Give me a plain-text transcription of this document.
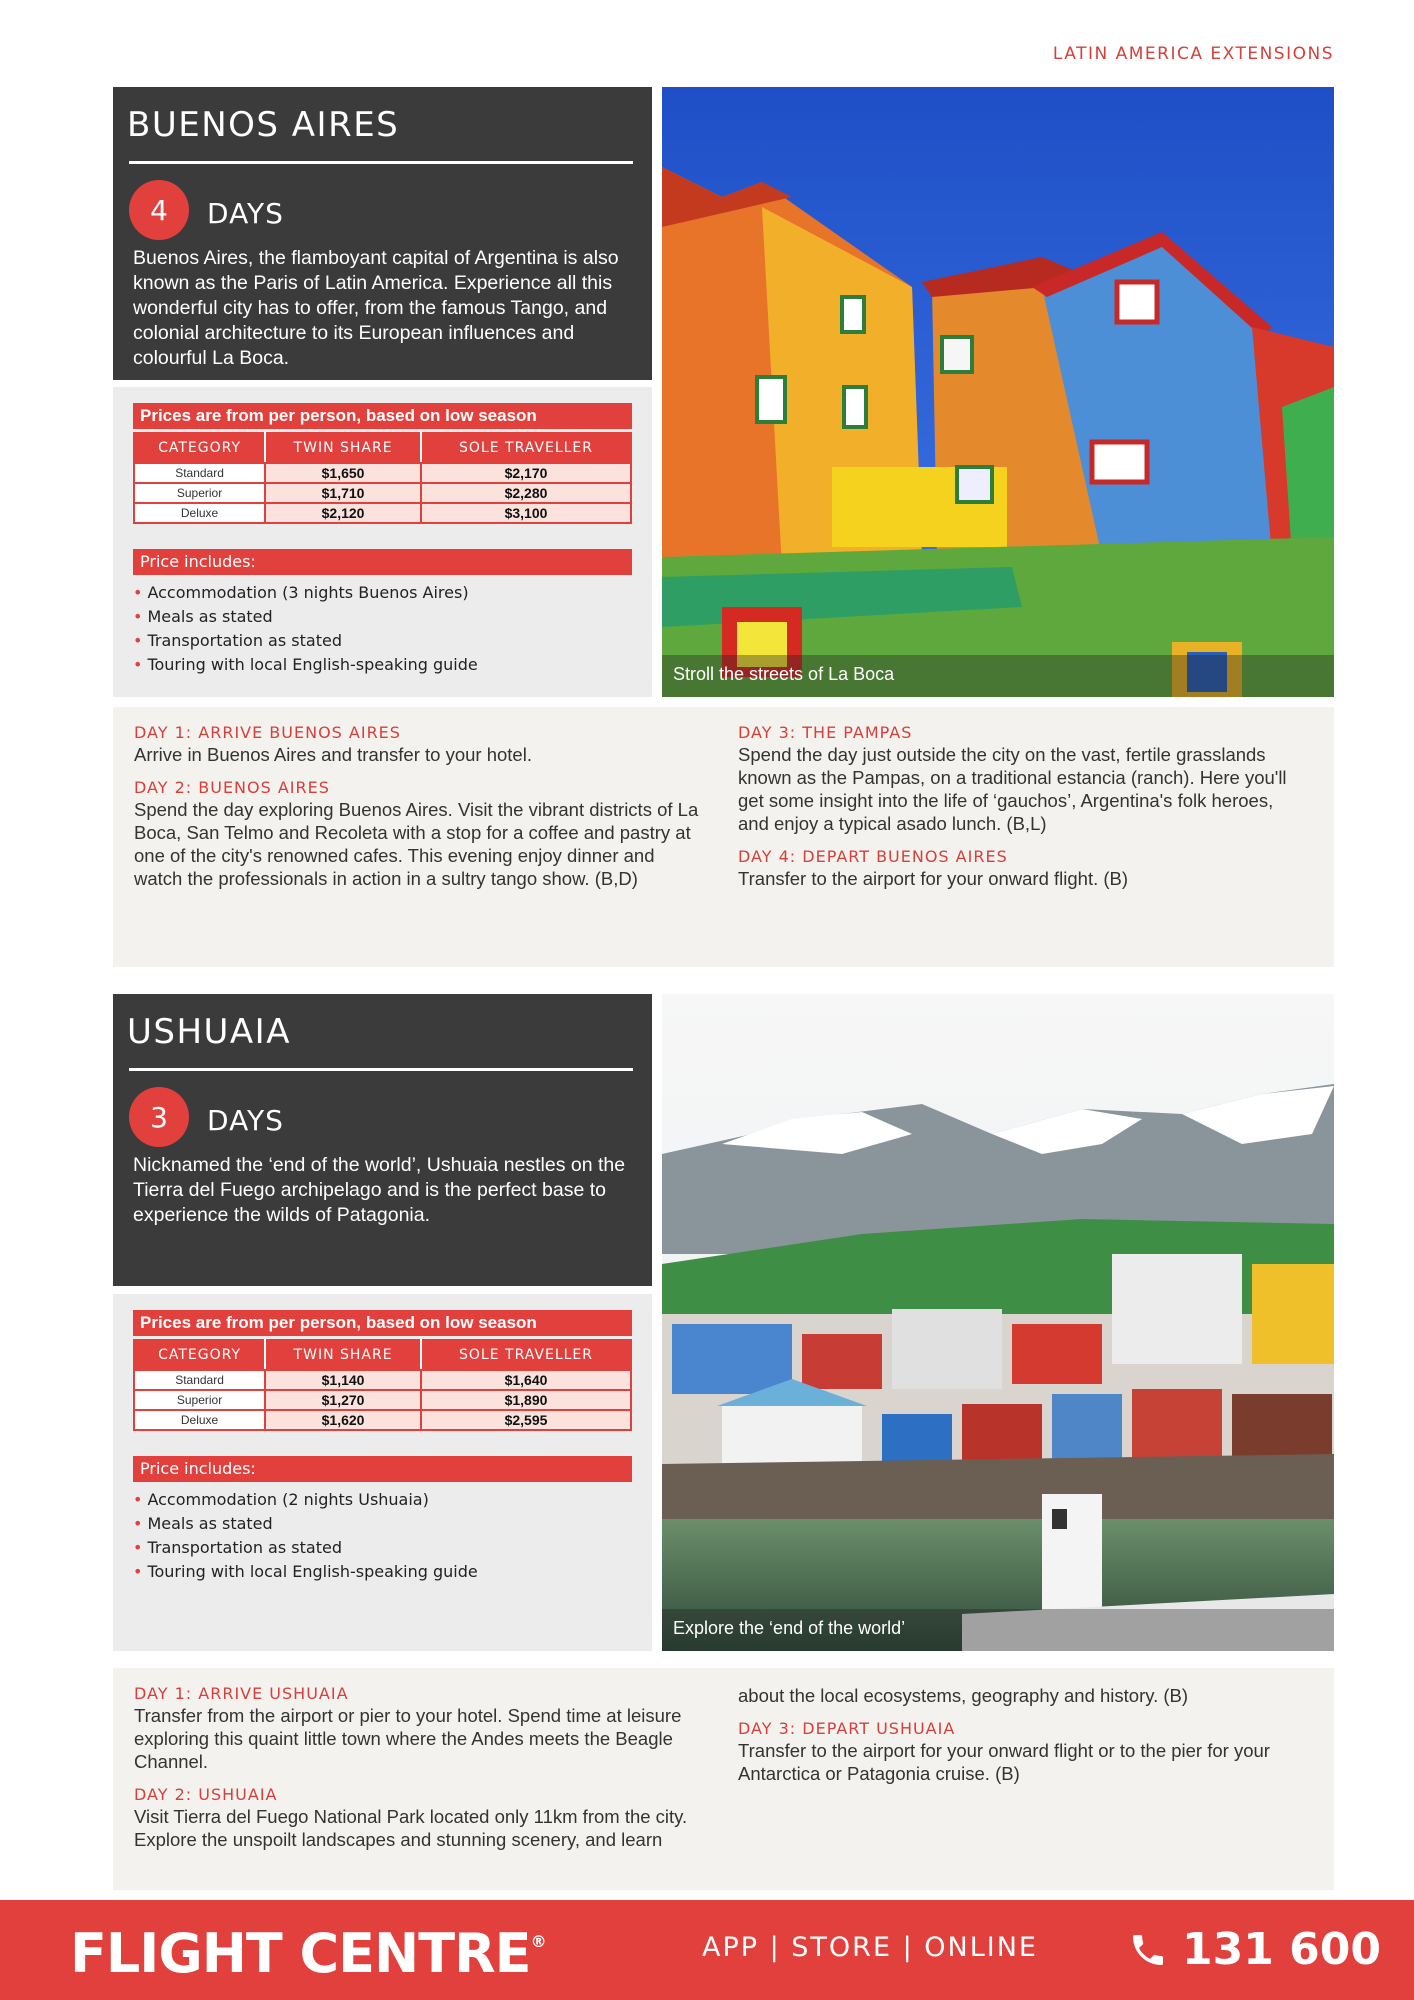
LATIN AMERICA EXTENSIONS
BUENOS AIRES
4	DAYS

Buenos Aires, the flamboyant capital of Argentina is also known as the Paris of Latin America. Experience all this wonderful city has to offer, from the famous Tango, and colonial architecture to its European influences and colourful La Boca.

Prices are from per person, based on low season
CATEGORY	TWIN SHARE	SOLE TRAVELLER
Standard	$1,650	$2,170
Superior	$1,710	$2,280
Deluxe	$2,120	$3,100
Price includes:
• Accommodation (3 nights Buenos Aires)
• Meals as stated
• Transportation as stated
• Touring with local English-speaking guide	Stroll the streets of La Boca
DAY 1: ARRIVE BUENOS AIRES
Arrive in Buenos Aires and transfer to your hotel.
DAY 2: BUENOS AIRES
Spend the day exploring Buenos Aires. Visit the vibrant districts of La Boca, San Telmo and Recoleta with a stop for a coffee and pastry at one of the city's renowned cafes. This evening enjoy dinner and watch the professionals in action in a sultry tango show. (B,D)
DAY 3: THE PAMPAS
Spend the day just outside the city on the vast, fertile grasslands known as the Pampas, on a traditional estancia (ranch). Here you'll get some insight into the life of ‘gauchos’, Argentina's folk heroes, and enjoy a typical asado lunch. (B,L)
DAY 4: DEPART BUENOS AIRES
Transfer to the airport for your onward flight. (B)
USHUAIA
3	DAYS

Nicknamed the ‘end of the world’, Ushuaia nestles on the Tierra del Fuego archipelago and is the perfect base to experience the wilds of Patagonia.

Prices are from per person, based on low season
CATEGORY	TWIN SHARE	SOLE TRAVELLER
Standard	$1,140	$1,640
Superior	$1,270	$1,890
Deluxe	$1,620	$2,595
Price includes:
• Accommodation (2 nights Ushuaia)
• Meals as stated
• Transportation as stated
• Touring with local English-speaking guide
Explore the ‘end of the world’
DAY 1: ARRIVE USHUAIA
Transfer from the airport or pier to your hotel. Spend time at leisure exploring this quaint little town where the Andes meets the Beagle Channel.
DAY 2: USHUAIA
Visit Tierra del Fuego National Park located only 11km from the city. Explore the unspoilt landscapes and stunning scenery, and learn
about the local ecosystems, geography and history. (B)
DAY 3: DEPART USHUAIA
Transfer to the airport for your onward flight or to the pier for your Antarctica or Patagonia cruise. (B)
FLIGHT CENTRE®	APP | STORE | ONLINE	131 600
